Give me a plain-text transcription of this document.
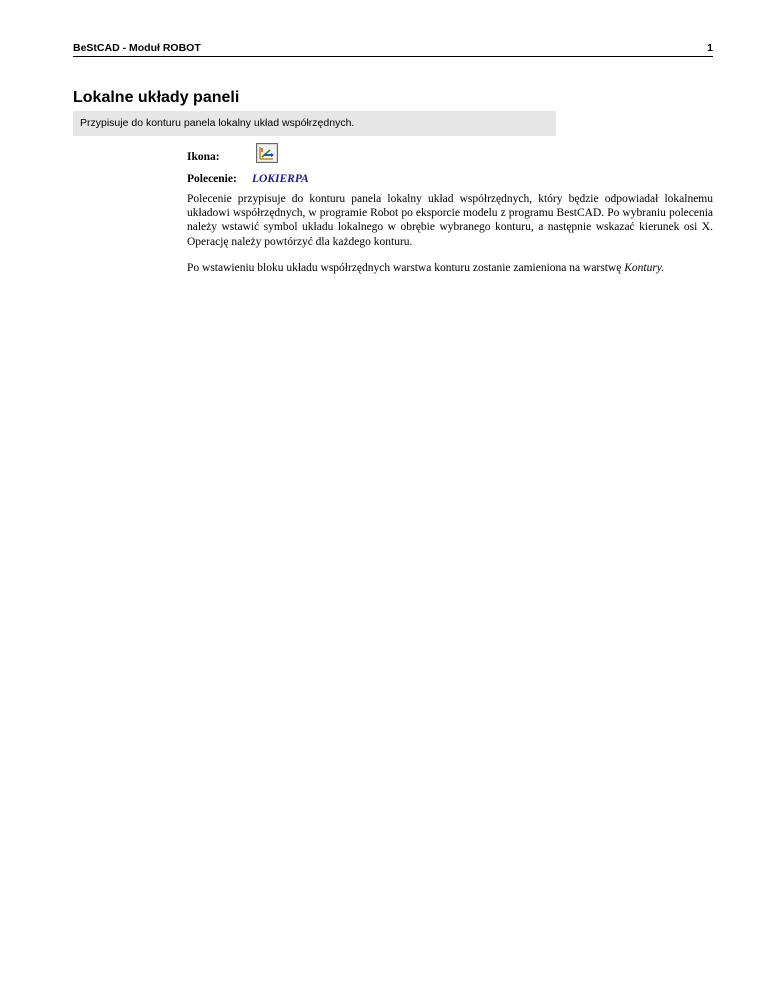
BeStCAD - Moduł ROBOT	1
Lokalne układy paneli
Przypisuje do konturu panela lokalny układ współrzędnych.
Ikona:
Polecenie:	LOKIERPA

Polecenie przypisuje do konturu panela lokalny układ współrzędnych, który będzie odpowiadał lokalnemu układowi współrzędnych, w programie Robot po eksporcie modelu z programu BestCAD. Po wybraniu polecenia należy wstawić symbol układu lokalnego w obrębie wybranego konturu, a następnie wskazać kierunek osi X. Operację należy powtórzyć dla każdego konturu.

Po wstawieniu bloku układu współrzędnych warstwa konturu zostanie zamieniona na warstwę Kontury.
